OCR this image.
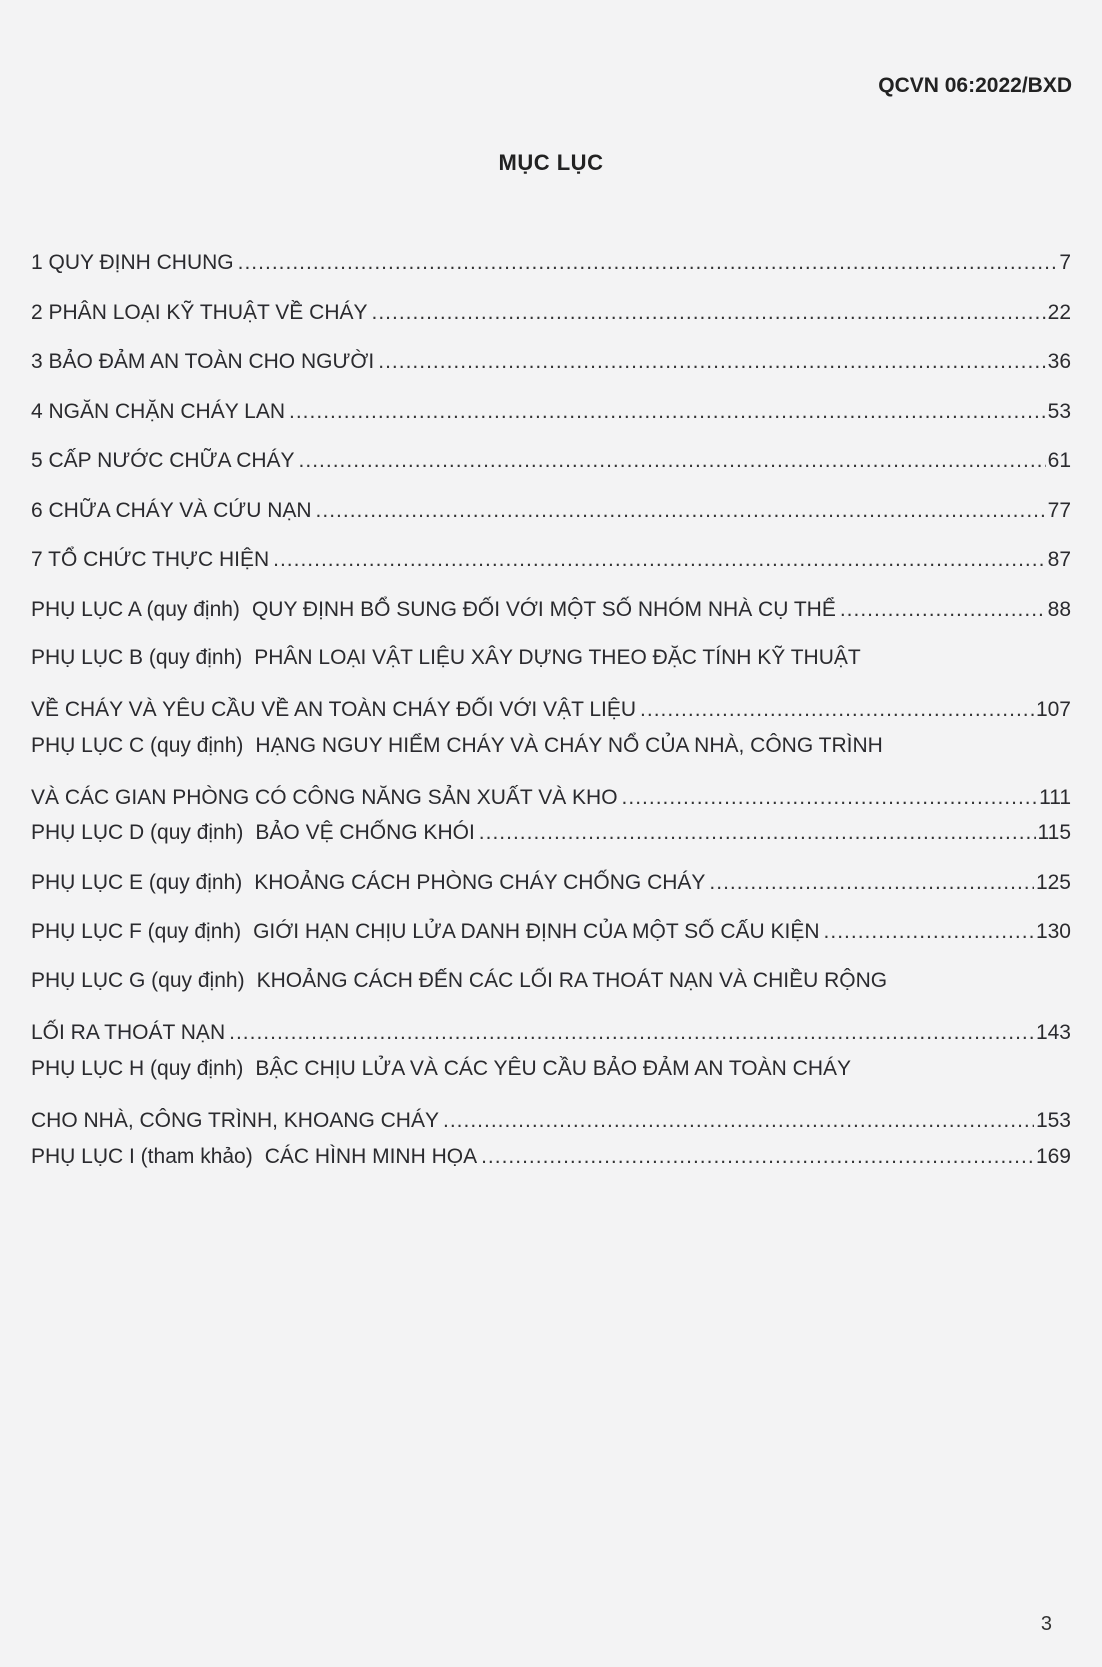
QCVN 06:2022/BXD
MỤC LỤC
1 QUY ĐỊNH CHUNG .....	7
2 PHÂN LOẠI KỸ THUẬT VỀ CHÁY .....	22
3 BẢO ĐẢM AN TOÀN CHO NGƯỜI .....	36
4 NGĂN CHẶN CHÁY LAN .....	53
5 CẤP NƯỚC CHỮA CHÁY .....	61
6 CHỮA CHÁY VÀ CỨU NẠN .....	77
7 TỔ CHỨC THỰC HIỆN .....	87
PHỤ LỤC A (quy định) QUY ĐỊNH BỔ SUNG ĐỐI VỚI MỘT SỐ NHÓM NHÀ CỤ THỂ .....	88
PHỤ LỤC B (quy định) PHÂN LOẠI VẬT LIỆU XÂY DỰNG THEO ĐẶC TÍNH KỸ THUẬT
VỀ CHÁY VÀ YÊU CẦU VỀ AN TOÀN CHÁY ĐỐI VỚI VẬT LIỆU .....	107
PHỤ LỤC C (quy định) HẠNG NGUY HIỂM CHÁY VÀ CHÁY NỔ CỦA NHÀ, CÔNG TRÌNH
VÀ CÁC GIAN PHÒNG CÓ CÔNG NĂNG SẢN XUẤT VÀ KHO .....	111
PHỤ LỤC D (quy định) BẢO VỆ CHỐNG KHÓI .....	115
PHỤ LỤC E (quy định) KHOẢNG CÁCH PHÒNG CHÁY CHỐNG CHÁY .....	125
PHỤ LỤC F (quy định) GIỚI HẠN CHỊU LỬA DANH ĐỊNH CỦA MỘT SỐ CẤU KIỆN .....	130
PHỤ LỤC G (quy định) KHOẢNG CÁCH ĐẾN CÁC LỐI RA THOÁT NẠN VÀ CHIỀU RỘNG
LỐI RA THOÁT NẠN .....	143
PHỤ LỤC H (quy định) BẬC CHỊU LỬA VÀ CÁC YÊU CẦU BẢO ĐẢM AN TOÀN CHÁY
CHO NHÀ, CÔNG TRÌNH, KHOANG CHÁY .....	153
PHỤ LỤC I (tham khảo) CÁC HÌNH MINH HỌA .....	169
3
